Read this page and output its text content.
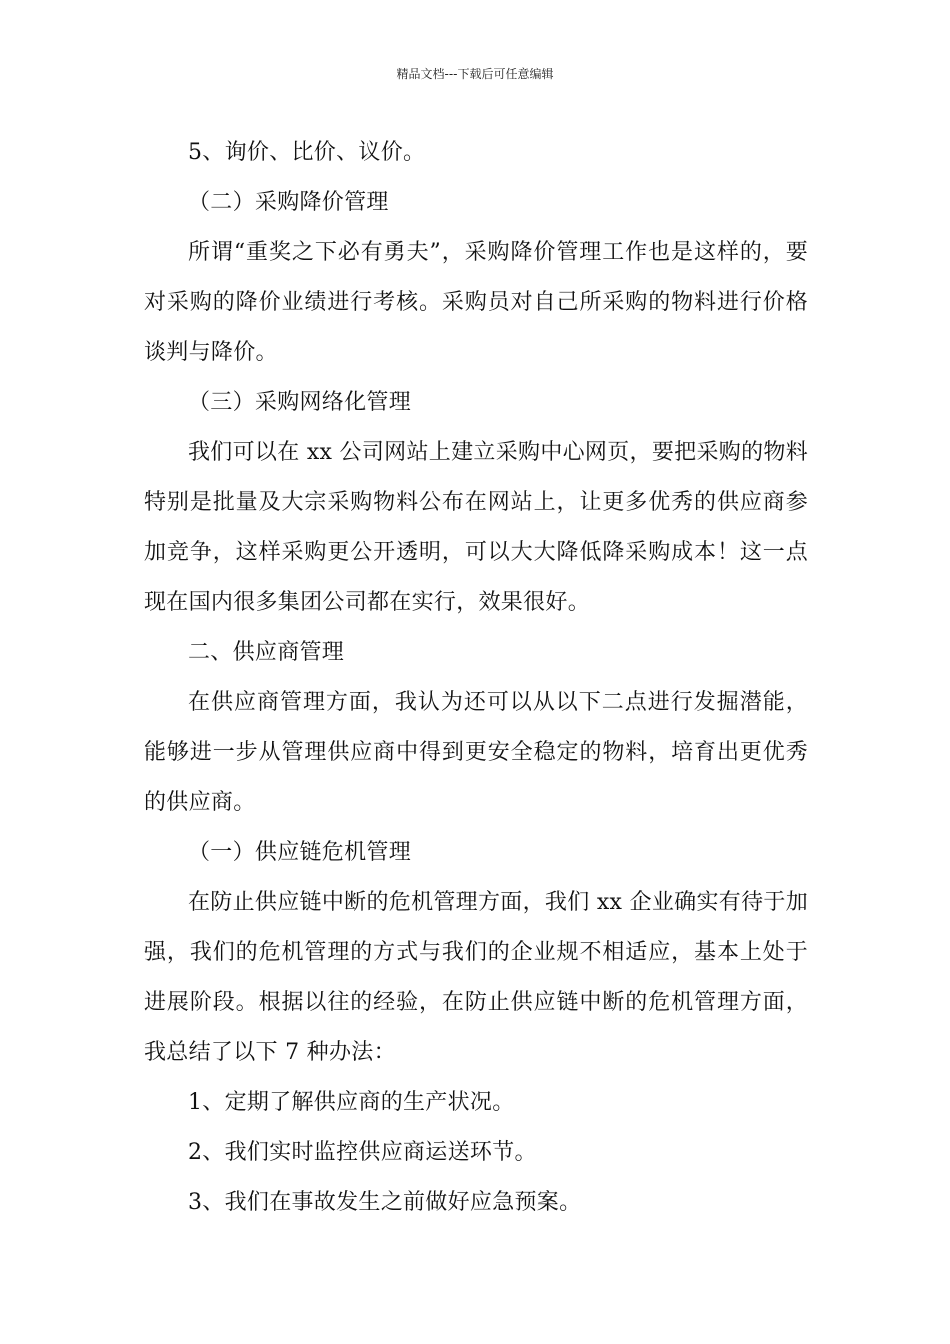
精品文档---下载后可任意编辑

5、询价、比价、议价。

（二）采购降价管理

所谓“重奖之下必有勇夫”，采购降价管理工作也是这样的，要对采购的降价业绩进行考核。采购员对自己所采购的物料进行价格谈判与降价。

（三）采购网络化管理

我们可以在 xx 公司网站上建立采购中心网页，要把采购的物料特别是批量及大宗采购物料公布在网站上，让更多优秀的供应商参加竞争，这样采购更公开透明，可以大大降低降采购成本！这一点现在国内很多集团公司都在实行，效果很好。

二、供应商管理

在供应商管理方面，我认为还可以从以下二点进行发掘潜能，能够进一步从管理供应商中得到更安全稳定的物料，培育出更优秀的供应商。

（一）供应链危机管理

在防止供应链中断的危机管理方面，我们 xx 企业确实有待于加强，我们的危机管理的方式与我们的企业规不相适应，基本上处于进展阶段。根据以往的经验，在防止供应链中断的危机管理方面，我总结了以下 7 种办法：

1、定期了解供应商的生产状况。

2、我们实时监控供应商运送环节。

3、我们在事故发生之前做好应急预案。
